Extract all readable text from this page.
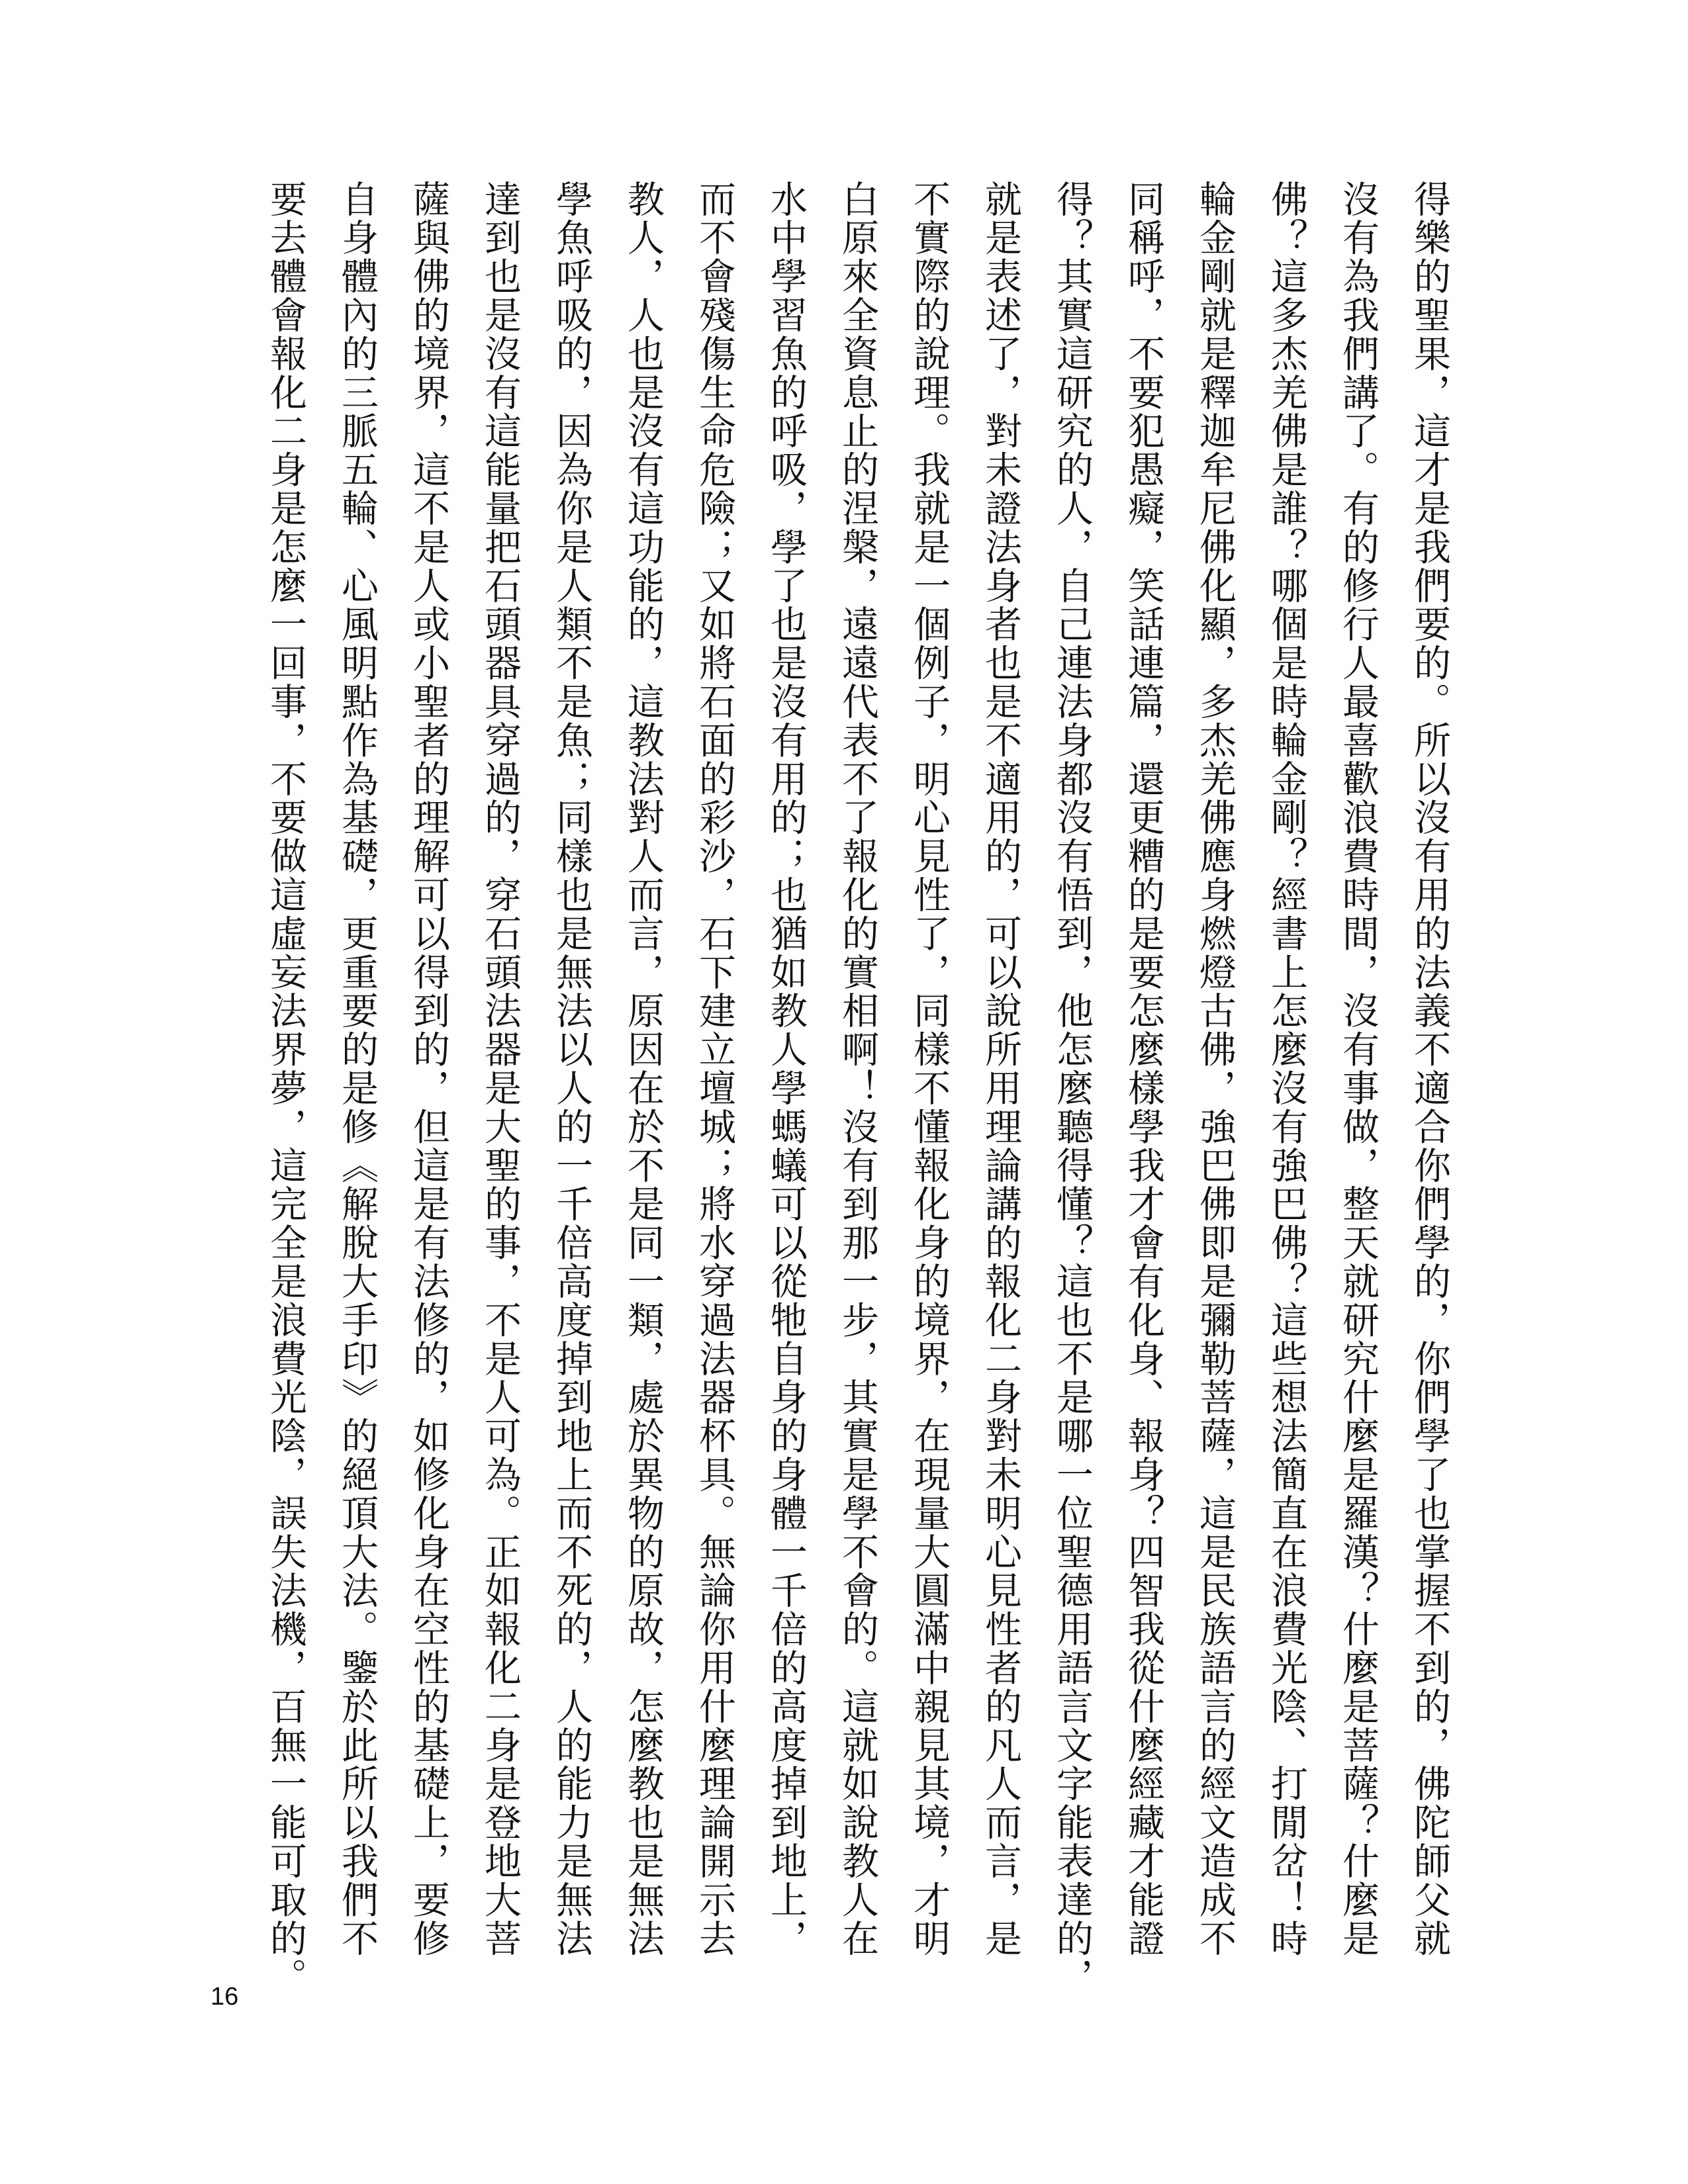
得樂的聖果，這才是我們要的。所以沒有用的法義不適合你們學的，你們學了也掌握不到的，佛陀師父就
沒有為我們講了。有的修行人最喜歡浪費時間，沒有事做，整天就研究什麼是羅漢？什麼是菩薩？什麼是
佛？這多杰羌佛是誰？哪個是時輪金剛？經書上怎麼沒有強巴佛？這些想法簡直在浪費光陰、打閒岔！時
輪金剛就是釋迦牟尼佛化顯，多杰羌佛應身燃燈古佛，強巴佛即是彌勒菩薩，這是民族語言的經文造成不
同稱呼，不要犯愚癡，笑話連篇，還更糟的是要怎麼樣學我才會有化身、報身？四智我從什麼經藏才能證
得？其實這研究的人，自己連法身都沒有悟到，他怎麼聽得懂？這也不是哪一位聖德用語言文字能表達的，
就是表述了，對未證法身者也是不適用的，可以說所用理論講的報化二身對未明心見性者的凡人而言，是
不實際的說理。我就是一個例子，明心見性了，同樣不懂報化身的境界，在現量大圓滿中親見其境，才明
白原來全資息止的涅槃，遠遠代表不了報化的實相啊！沒有到那一步，其實是學不會的。這就如說教人在
水中學習魚的呼吸，學了也是沒有用的；也猶如教人學螞蟻可以從牠自身的身體一千倍的高度掉到地上，
而不會殘傷生命危險；又如將石面的彩沙，石下建立壇城；將水穿過法器杯具。無論你用什麼理論開示去
教人，人也是沒有這功能的，這教法對人而言，原因在於不是同一類，處於異物的原故，怎麼教也是無法
學魚呼吸的，因為你是人類不是魚；同樣也是無法以人的一千倍高度掉到地上而不死的，人的能力是無法
達到也是沒有這能量把石頭器具穿過的，穿石頭法器是大聖的事，不是人可為。正如報化二身是登地大菩
薩與佛的境界，這不是人或小聖者的理解可以得到的，但這是有法修的，如修化身在空性的基礎上，要修
自身體內的三脈五輪、心風明點作為基礎，更重要的是修《解脫大手印》的絕頂大法。鑒於此所以我們不
要去體會報化二身是怎麼一回事，不要做這虛妄法界夢，這完全是浪費光陰，誤失法機，百無一能可取的。
16
